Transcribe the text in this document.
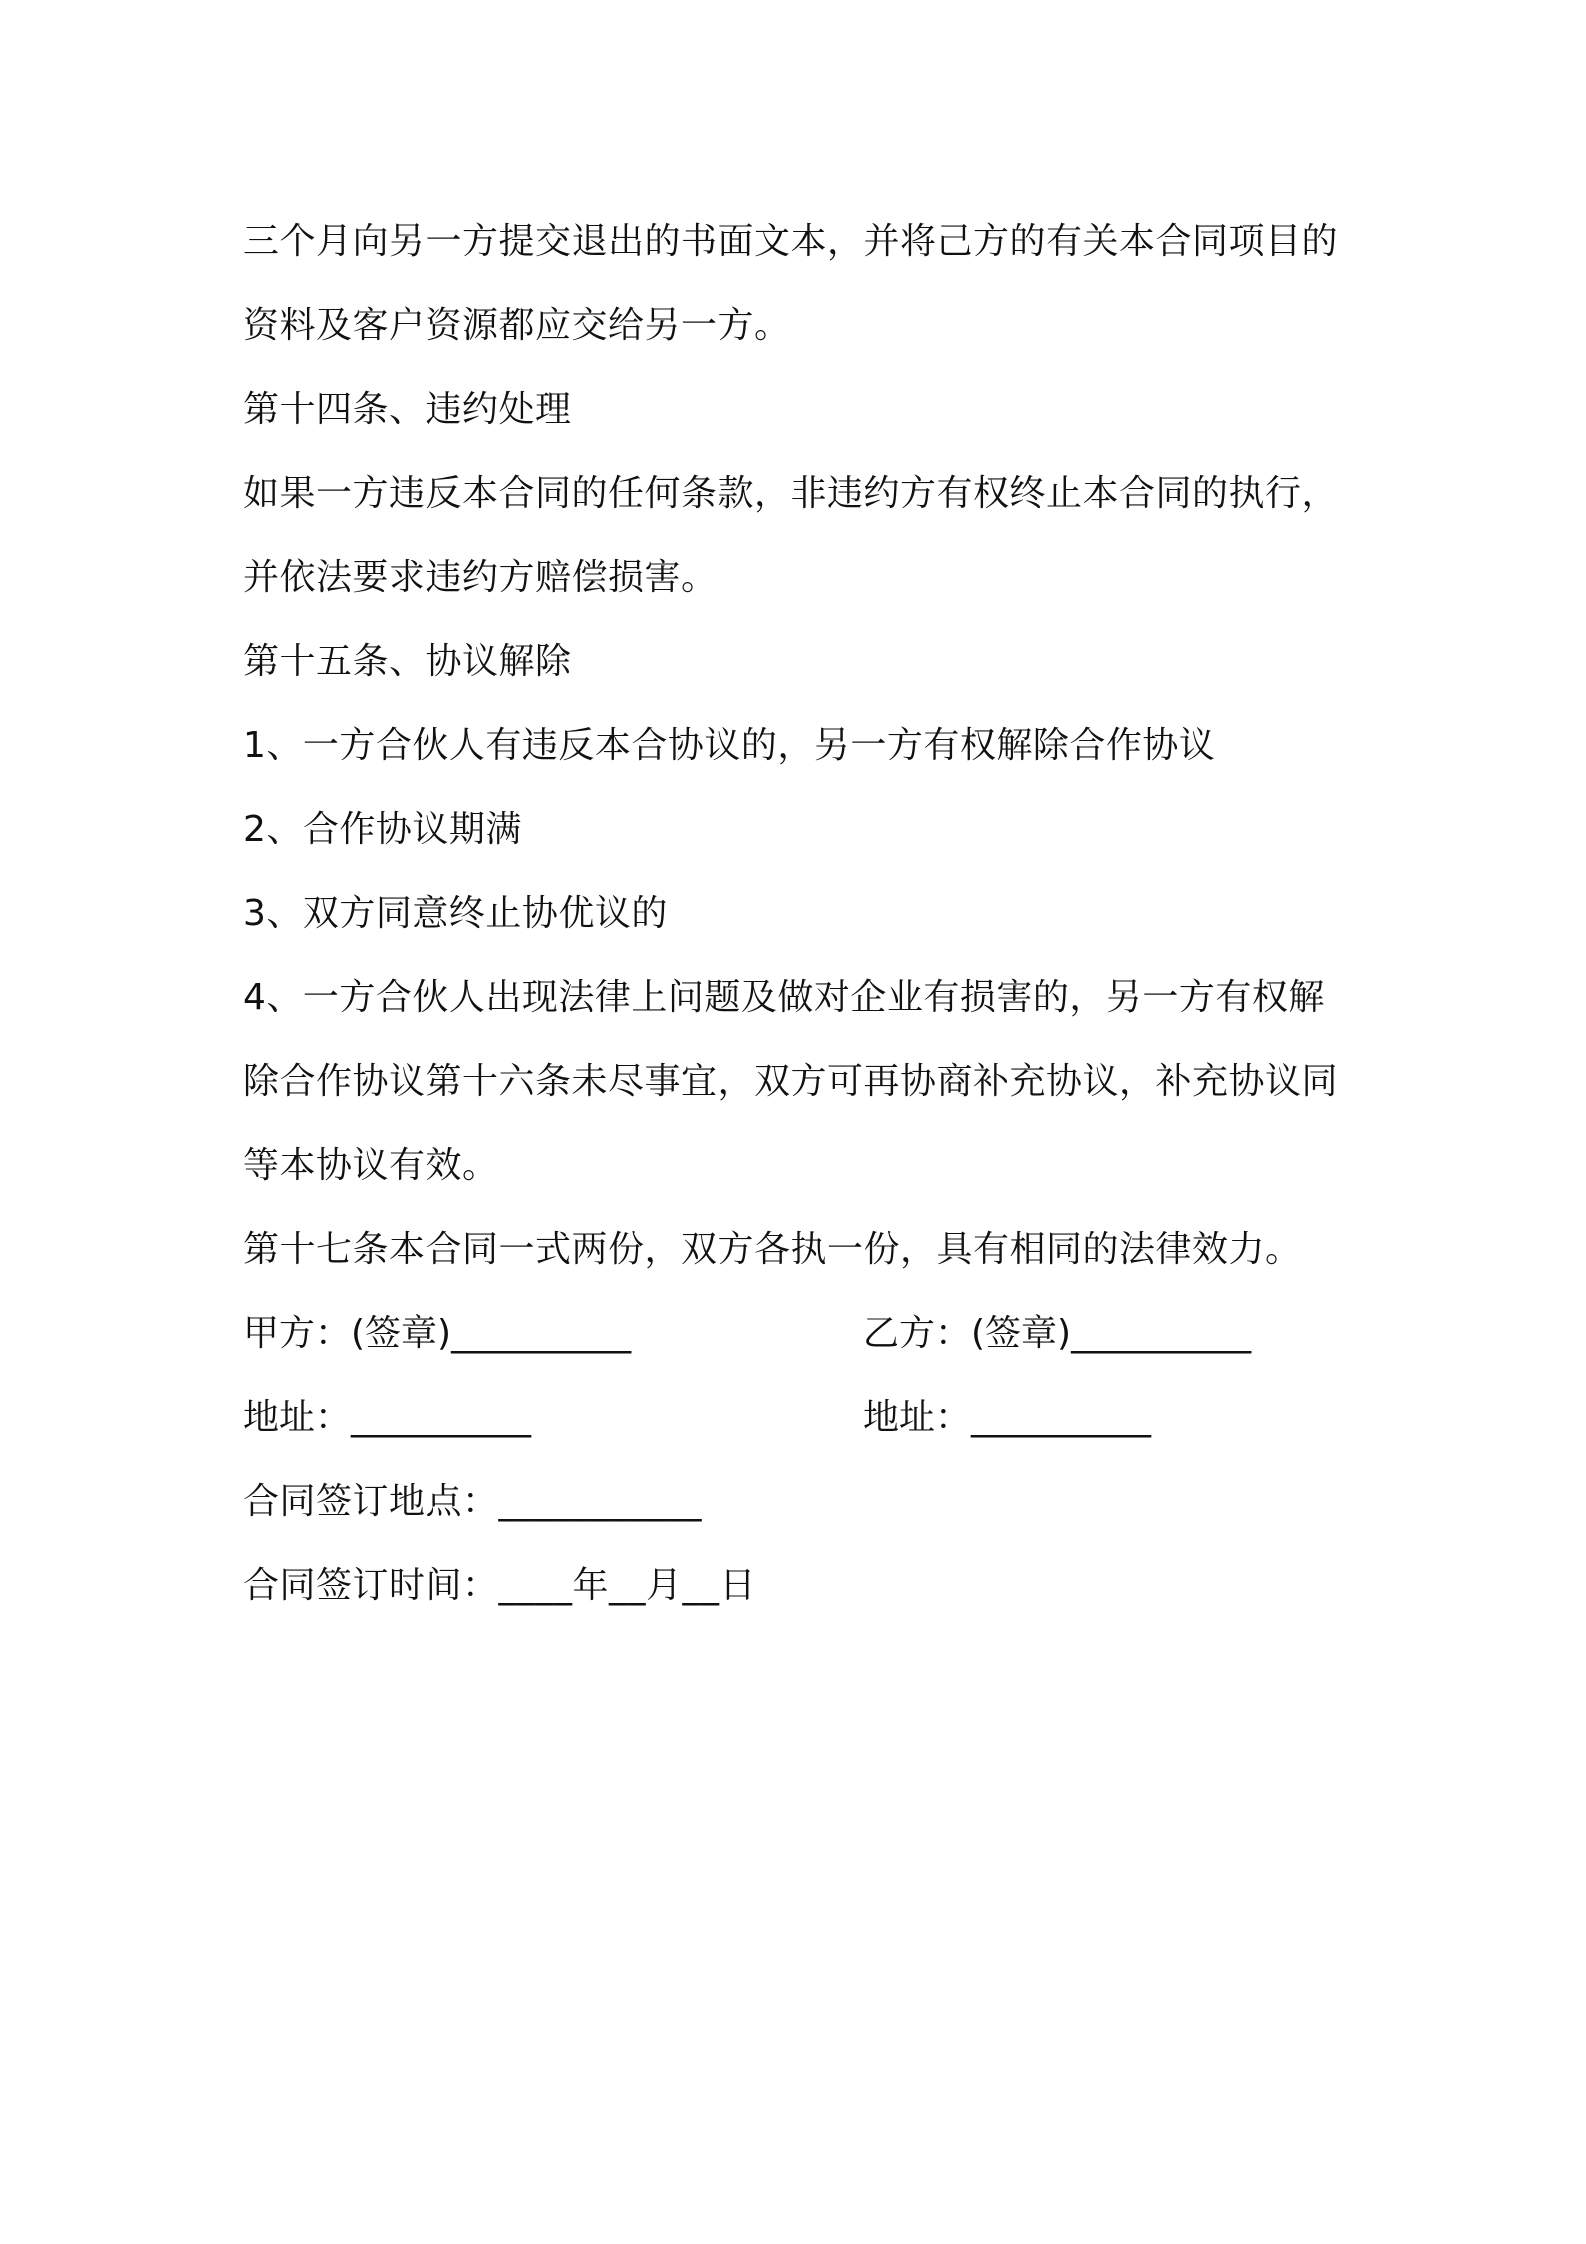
三个月向另一方提交退出的书面文本，并将己方的有关本合同项目的
资料及客户资源都应交给另一方。
第十四条、违约处理
如果一方违反本合同的任何条款，非违约方有权终止本合同的执行，
并依法要求违约方赔偿损害。
第十五条、协议解除
1、一方合伙人有违反本合协议的，另一方有权解除合作协议
2、合作协议期满
3、双方同意终止协优议的
4、一方合伙人出现法律上问题及做对企业有损害的，另一方有权解
除合作协议第十六条未尽事宜，双方可再协商补充协议，补充协议同
等本协议有效。
第十七条本合同一式两份，双方各执一份，具有相同的法律效力。
甲方：(签章)__________	乙方：(签章)__________
地址：__________	地址：__________
合同签订地点：___________
合同签订时间：____年__月__日
